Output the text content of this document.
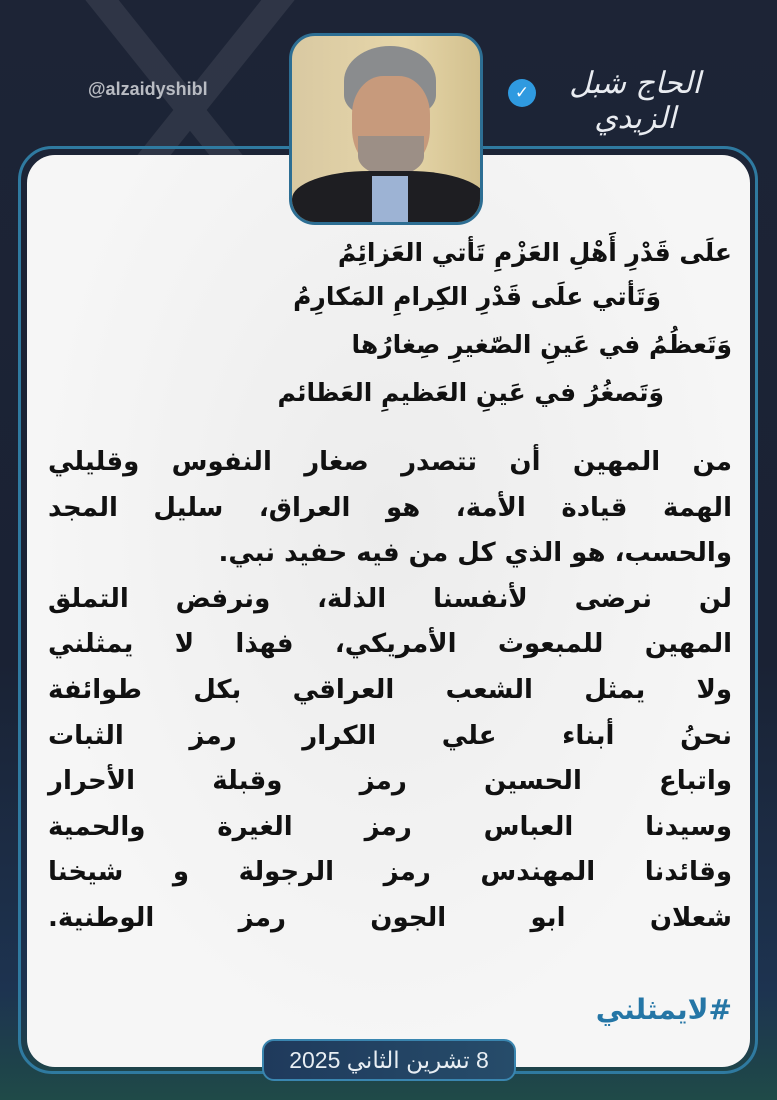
@alzaidyshibl	✓	الحاج شبل الزيدي
علَى قَدْرِ أَهْلِ العَزْمِ تَأتي العَزائِمُ
وَتَأتي علَى قَدْرِ الكِرامِ المَكارِمُ
وَتَعظُمُ في عَينِ الصّغيرِ صِغارُها
وَتَصغُرُ في عَينِ العَظيمِ العَظائم
من المهين أن تتصدر صغار النفوس وقليلي
الهمة قيادة الأمة، هو العراق، سليل المجد
والحسب، هو الذي كل من فيه حفيد نبي.
لن نرضى لأنفسنا الذلة، ونرفض التملق
المهين للمبعوث الأمريكي، فهذا لا يمثلني
ولا يمثل الشعب العراقي بكل طوائفة
نحنُ أبناء علي الكرار رمز الثبات
واتباع الحسين رمز وقبلة الأحرار
وسيدنا العباس رمز الغيرة والحمية
وقائدنا المهندس رمز الرجولة و شيخنا
شعلان ابو الجون رمز الوطنية.
#لايمثلني
8 تشرين الثاني 2025
